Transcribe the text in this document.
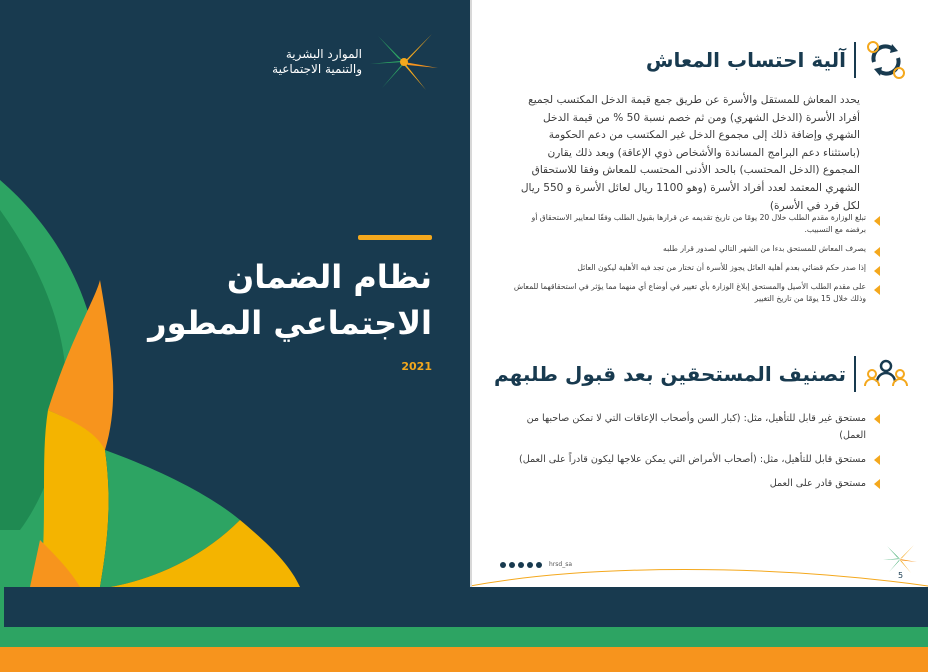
الموارد البشرية
والتنمية الاجتماعية
نظام الضمان
الاجتماعي المطور
2021
آلية احتساب المعاش
يحدد المعاش للمستقل والأسرة عن طريق جمع قيمة الدخل المكتسب لجميع أفراد الأسرة (الدخل الشهري) ومن ثم خصم نسبة 50 % من قيمة الدخل الشهري وإضافة ذلك إلى مجموع الدخل غير المكتسب من دعم الحكومة (باستثناء دعم البرامج المساندة والأشخاص ذوي الإعاقة) وبعد ذلك يقارن المجموع (الدخل المحتسب) بالحد الأدنى المحتسب للمعاش وفقا للاستحقاق الشهري المعتمد لعدد أفراد الأسرة (وهو 1100 ريال لعائل الأسرة و 550 ريال لكل فرد في الأسرة)
تبلغ الوزارة مقدم الطلب خلال 20 يومًا من تاريخ تقديمه عن قرارها بقبول الطلب وفقًا لمعايير الاستحقاق أو برفضه مع التسبيب.
يصرف المعاش للمستحق بدءا من الشهر التالي لصدور قرار طلبه
إذا صدر حكم قضائي بعدم أهلية العائل يجوز للأسرة أن تختار من تجد فيه الأهلية ليكون العائل
على مقدم الطلب الأصيل والمستحق إبلاغ الوزارة بأي تغيير في أوضاع أي منهما مما يؤثر في استحقاقهما للمعاش وذلك خلال 15 يومًا من تاريخ التغيير
تصنيف المستحقين بعد قبول طلبهم
مستحق غير قابل للتأهيل، مثل: (كبار السن وأصحاب الإعاقات التي لا تمكن صاحبها من العمل)
مستحق قابل للتأهيل، مثل: (أصحاب الأمراض التي يمكن علاجها ليكون قادراً على العمل)
مستحق قادر على العمل
hrsd_sa
5
